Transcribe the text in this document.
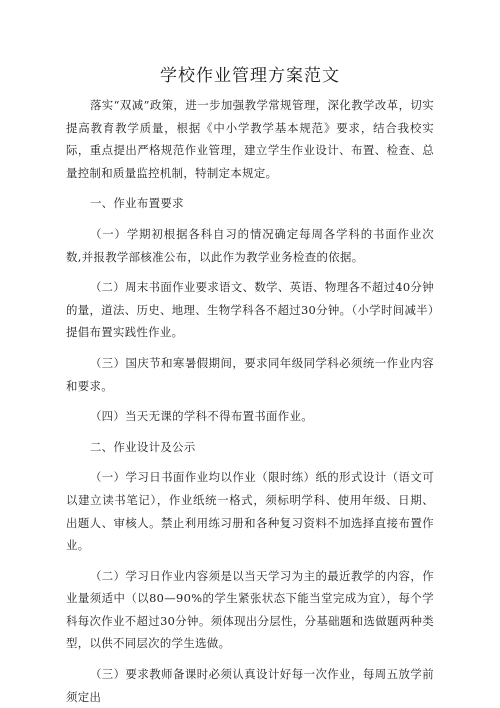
学校作业管理方案范文

落实“双减”政策，进一步加强教学常规管理，深化教学改革，切实提高教育教学质量，根据《中小学教学基本规范》要求，结合我校实际，重点提出严格规范作业管理，建立学生作业设计、布置、检查、总量控制和质量监控机制，特制定本规定。

一、作业布置要求

（一）学期初根据各科自习的情况确定每周各学科的书面作业次数,并报教学部核准公布，以此作为教学业务检查的依据。

（二）周末书面作业要求语文、数学、英语、物理各不超过40分钟的量，道法、历史、地理、生物学科各不超过30分钟。（小学时间减半）提倡布置实践性作业。

（三）国庆节和寒暑假期间，要求同年级同学科必须统一作业内容和要求。

（四）当天无课的学科不得布置书面作业。

二、作业设计及公示

（一）学习日书面作业均以作业（限时练）纸的形式设计（语文可以建立读书笔记），作业纸统一格式，须标明学科、使用年级、日期、出题人、审核人。禁止利用练习册和各种复习资料不加选择直接布置作业。

（二）学习日作业内容须是以当天学习为主的最近教学的内容，作业量须适中（以80—90%的学生紧张状态下能当堂完成为宜），每个学科每次作业不超过30分钟。须体现出分层性，分基础题和选做题两种类型，以供不同层次的学生选做。

（三）要求教师备课时必须认真设计好每一次作业，每周五放学前须定出
